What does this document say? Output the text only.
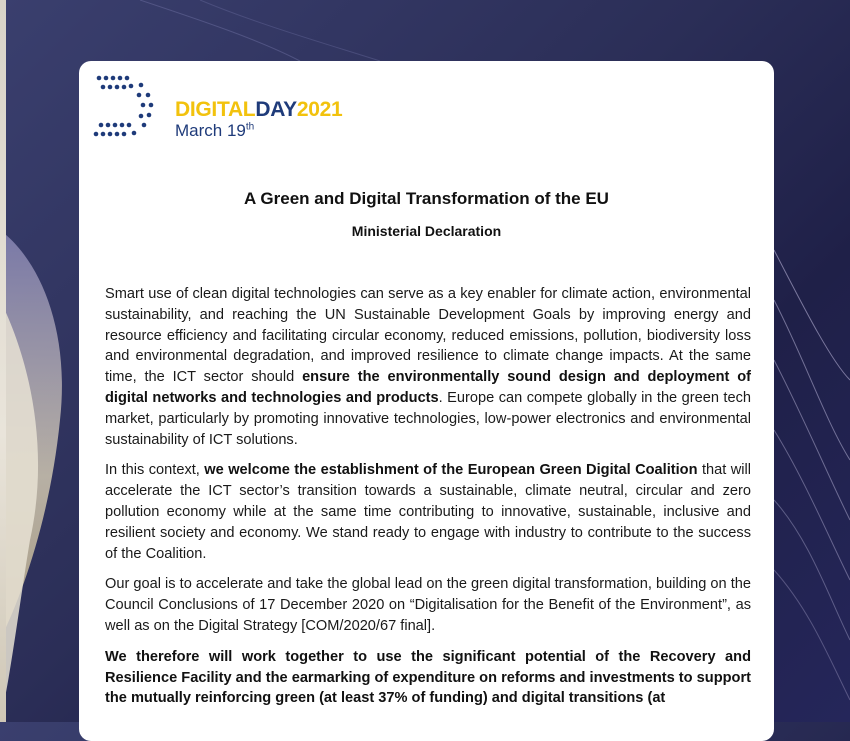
DIGITALDAY2021
March 19th
A Green and Digital Transformation of the EU
Ministerial Declaration

Smart use of clean digital technologies can serve as a key enabler for climate action, environmental sustainability, and reaching the UN Sustainable Development Goals by improving energy and resource efficiency and facilitating circular economy, reduced emissions, pollution, biodiversity loss and environmental degradation, and improved resilience to climate change impacts. At the same time, the ICT sector should ensure the environmentally sound design and deployment of digital networks and technologies and products. Europe can compete globally in the green tech market, particularly by promoting innovative technologies, low-power electronics and environmental sustainability of ICT solutions.

In this context, we welcome the establishment of the European Green Digital Coalition that will accelerate the ICT sector’s transition towards a sustainable, climate neutral, circular and zero pollution economy while at the same time contributing to innovative, sustainable, inclusive and resilient society and economy. We stand ready to engage with industry to contribute to the success of the Coalition.

Our goal is to accelerate and take the global lead on the green digital transformation, building on the Council Conclusions of 17 December 2020 on “Digitalisation for the Benefit of the Environment”, as well as on the Digital Strategy [COM/2020/67 final].

We therefore will work together to use the significant potential of the Recovery and Resilience Facility and the earmarking of expenditure on reforms and investments to support the mutually reinforcing green (at least 37% of funding) and digital transitions (at
